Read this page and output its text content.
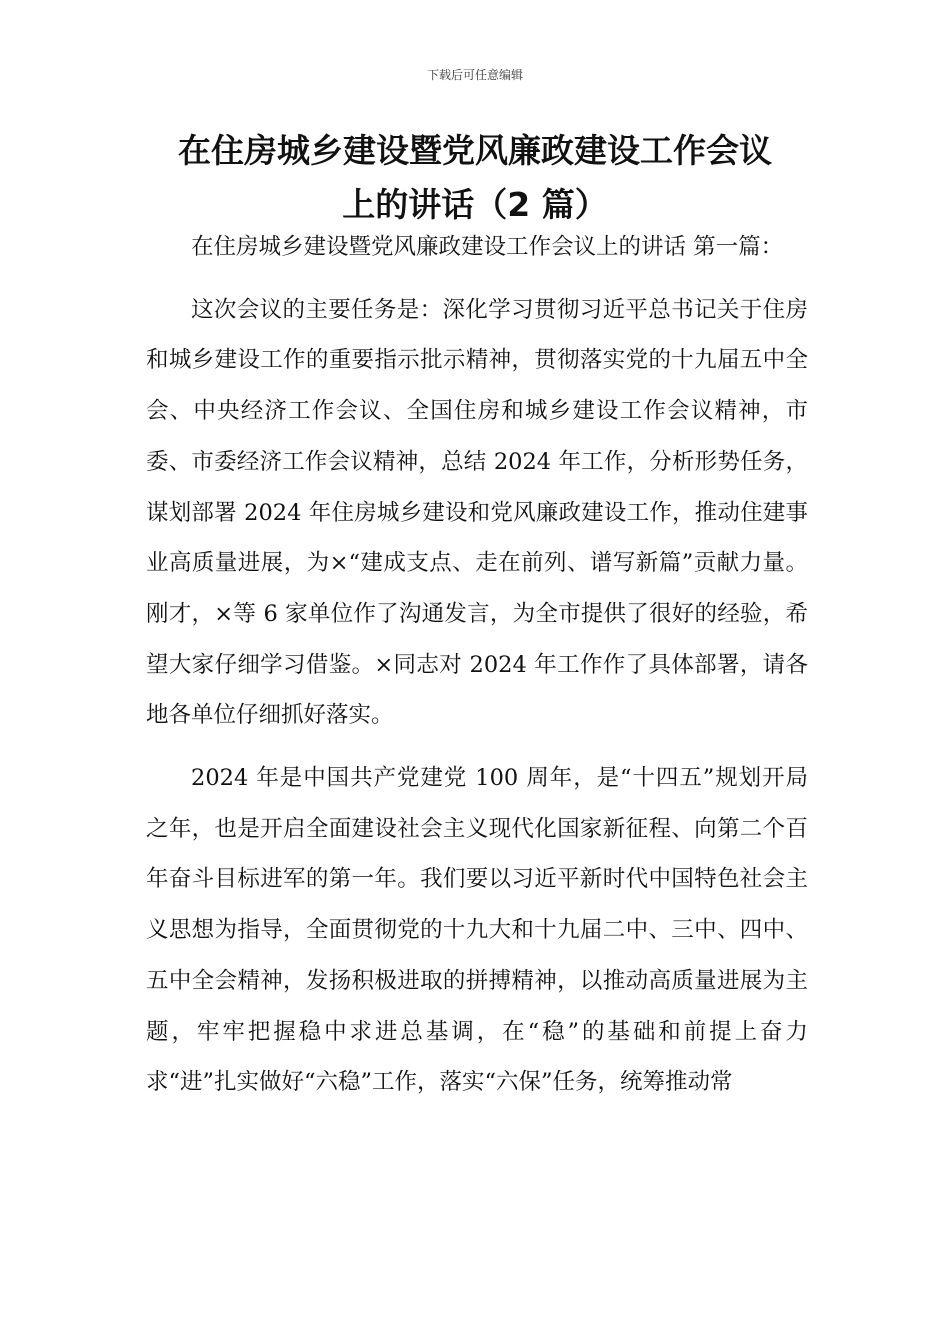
下载后可任意编辑
在住房城乡建设暨党风廉政建设工作会议
上的讲话（2 篇）

在住房城乡建设暨党风廉政建设工作会议上的讲话 第一篇：

这次会议的主要任务是：深化学习贯彻习近平总书记关于住房和城乡建设工作的重要指示批示精神，贯彻落实党的十九届五中全会、中央经济工作会议、全国住房和城乡建设工作会议精神，市委、市委经济工作会议精神，总结 2024 年工作，分析形势任务，谋划部署 2024 年住房城乡建设和党风廉政建设工作，推动住建事业高质量进展，为×“建成支点、走在前列、谱写新篇”贡献力量。刚才，×等 6 家单位作了沟通发言，为全市提供了很好的经验，希望大家仔细学习借鉴。×同志对 2024 年工作作了具体部署，请各地各单位仔细抓好落实。

2024 年是中国共产党建党 100 周年，是“十四五”规划开局之年，也是开启全面建设社会主义现代化国家新征程、向第二个百年奋斗目标进军的第一年。我们要以习近平新时代中国特色社会主义思想为指导，全面贯彻党的十九大和十九届二中、三中、四中、五中全会精神，发扬积极进取的拼搏精神，以推动高质量进展为主题，牢牢把握稳中求进总基调，在“稳”的基础和前提上奋力求“进”扎实做好“六稳”工作，落实“六保”任务，统筹推动常
